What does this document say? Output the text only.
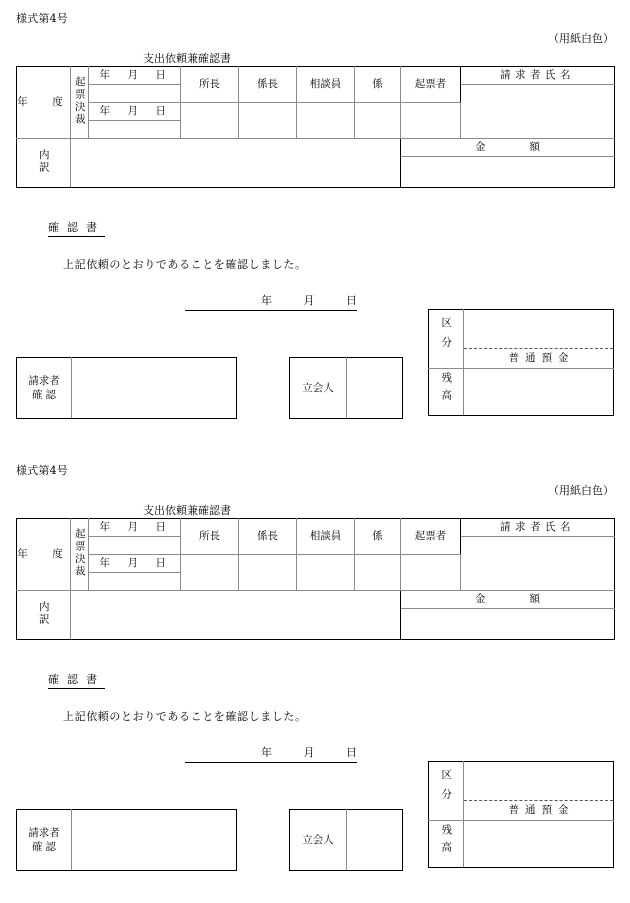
様式第4号
（用紙白色）
支出依頼兼確認書
年　度	起票決裁	年　月　日	所長	係長	相談員	係	起票者	請求者氏名

		年　月　日						

内訳							金 額	

確認書
上記依頼のとおりであることを確認しました。
年	月	日
請求者
確認	
立会人	
区分	普通預金

残高	
様式第4号
（用紙白色）
支出依頼兼確認書
年　度	起票決裁	年　月　日	所長	係長	相談員	係	起票者	請求者氏名

		年　月　日						

内訳							金 額	

確認書
上記依頼のとおりであることを確認しました。
年	月	日
請求者
確認	
立会人	
区分	普通預金

残高	
